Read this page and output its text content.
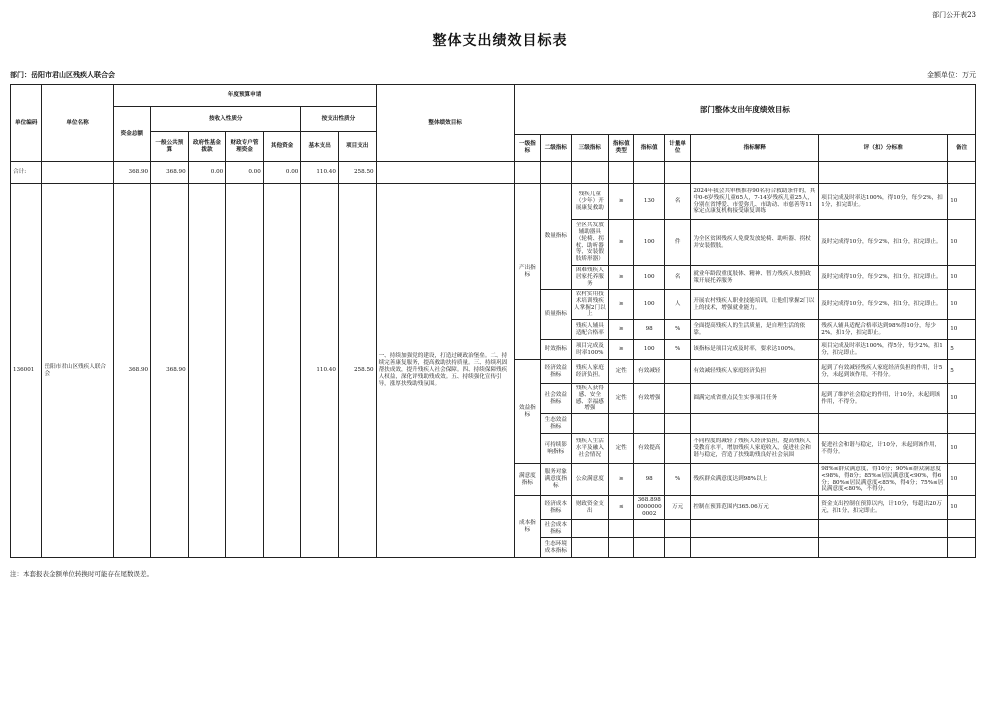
部门公开表23
整体支出绩效目标表
部门：岳阳市君山区残疾人联合会	金额单位：万元
单位编码	单位名称	年度预算申请							整体绩效目标	部门整体支出年度绩效目标								
		资金总额	按收入性质分				按支出性质分											
			一般公共预算	政府性基金拨款	财政专户管理资金	其他资金	基本支出	项目支出										
										一级指标	二级指标	三级指标	指标值类型	指标值	计量单位	指标解释	评（扣）分标准	备注
合计:		368.90	368.90	0.00	0.00	0.00	110.40	258.50										
136001	岳阳市君山区残疾人联合会	368.90	368.90				110.40	258.50	一、持续加强党的建设，打造过硬政治堡垒。二、持续完善康复服务，提高救助扶持质量。三、持续巩固帮扶成效，提升残疾人社会保障。四、持续保障残疾人权益，深化评残助残成效。五、持续强化宣传引导，涨厚扶残助残氛围。	产出指标	数量指标	残疾儿童（少年）开展康复救助	≥	130	名	2024年我会共审核推荐90名符合救助条件的，其中0-6岁残疾儿童65人，7-14岁残疾儿童25人，分别在省博爱、市爱弥儿、市助动、市慈善等11家定点康复机构接受康复训练	项目完成及时率达100%，得10分，每少2%，扣1分，扣完即止。	10

												全区共发放辅助器具（轮椅、拐杖、助听器等，安装假肢矫形器）	≥	100	件	为全区贫困残疾人免费发放轮椅、助听器、拐杖并安装假肢。	及时完成得10分，每少2%，扣1分，扣完即止。	10

												困难残疾人居家托养服务	≥	100	名	就业年龄段重度肢体、精神、智力残疾人按照政策开展托养服务	及时完成得10分，每少2%，扣1分，扣完即止。	10
											质量指标	农村实用技术培训残疾人掌握2门以上	≥	100	人	开展农村残疾人职业技能培训，让他们掌握2门以上的技术，增强就业能力。	及时完成得10分，每少2%，扣1分，扣完即止。	10
												残疾人辅具适配合格率	≥	98	%	全面提高残疾人的生活质量，是自理生活的依靠。	残疾人辅具适配合格率达到98%得10分，每少2%，扣1分，扣完即止。	10
											时效指标	项目完成及时率100%	≥	100	%	该指标是项目完成及时率，要求达100%。	项目完成及时率达100%，得5分，每少2%，扣1分，扣完即止。	5
										效益指标	经济效益指标	残疾人家庭经济负担。	定性	有效减轻		有效减轻残疾人家庭经济负担	起到了有效减轻残疾人家庭经济负担的作用，计5分，未起到该作用，不得分。	5
											社会效益指标	残疾人获得感、安全感、幸福感增强	定性	有效增强		圆满完成省重点民生实事项目任务	起到了维护社会稳定的作用，计10分，未起到该作用，不得分。	10
											生态效益指标							
											可持续影响指标	残疾人生活水平及融入社会情况	定性	有效提高		不同程度的减轻了残疾人经济负担，提高残疾人受教育水平，增加残疾人家庭收入，促进社会和谐与稳定，营造了扶残助残良好社会氛围	促进社会和谐与稳定，计10分，未起到该作用，不得分。	10
										满意度指标	服务对象满意度指标	公众满意度	≥	98	%	残疾群众满意度达到98%以上	98%≤群众满意度，得10分；90%≤群众满意度<98%，得8分；85%≤居民满意度<90%，得6分；80%≤居民满意度<85%，得4分；75%≤居民满意度<80%，不得分。	10
										成本指标	经济成本指标	财政资金支出	≤	368.89800000000002	万元	控制在预算范围内365.06万元	资金支出控制在预算以内，计10分，每超出20万元，扣1分，扣完即止。	10
											社会成本指标							
											生态环境成本指标							
注：本套报表金额单位转换时可能存在尾数误差。
